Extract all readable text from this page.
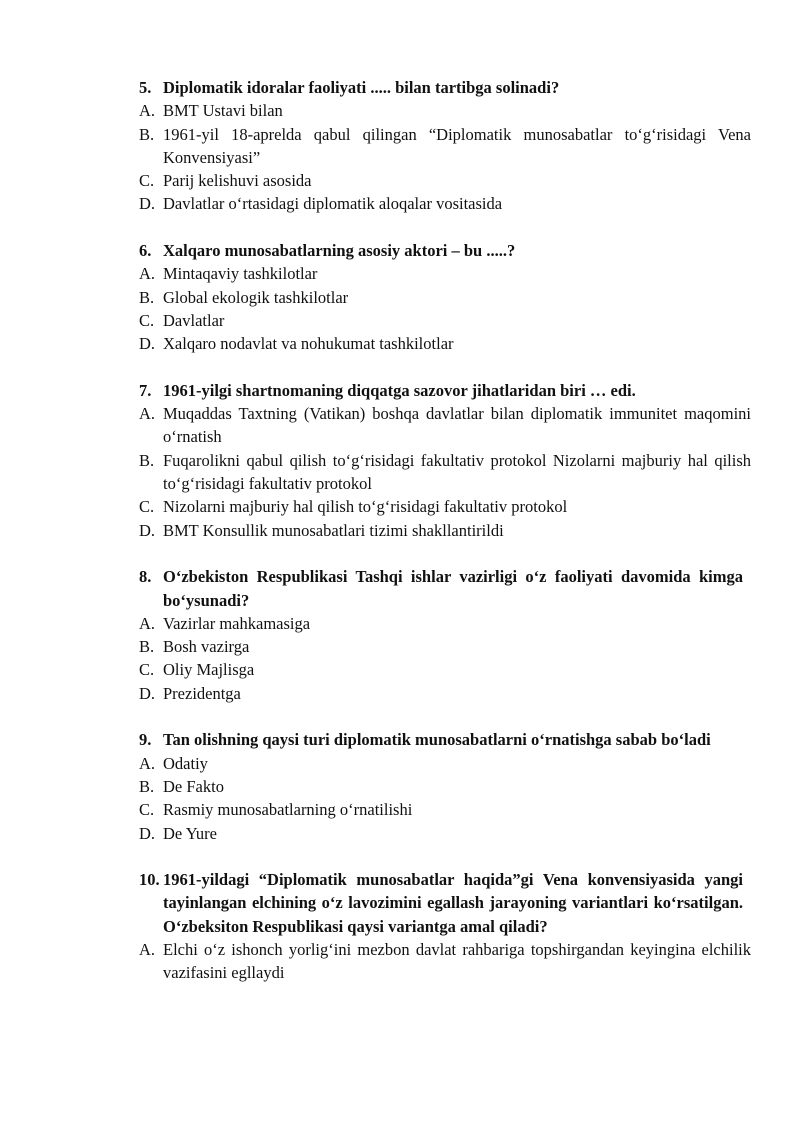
5. Diplomatik idoralar faoliyati ..... bilan tartibga solinadi?
A. BMT Ustavi bilan
B. 1961-yil 18-aprelda qabul qilingan “Diplomatik munosabatlar to‘g‘risidagi Vena Konvensiyasi”
C. Parij kelishuvi asosida
D. Davlatlar o‘rtasidagi diplomatik aloqalar vositasida
6. Xalqaro munosabatlarning asosiy aktori – bu .....?
A. Mintaqaviy tashkilotlar
B. Global ekologik tashkilotlar
C. Davlatlar
D. Xalqaro nodavlat va nohukumat tashkilotlar
7. 1961-yilgi shartnomaning diqqatga sazovor jihatlaridan biri … edi.
A. Muqaddas Taxtning (Vatikan) boshqa davlatlar bilan diplomatik immunitet maqomini o‘rnatish
B. Fuqarolikni qabul qilish to‘g‘risidagi fakultativ protokol Nizolarni majburiy hal qilish to‘g‘risidagi fakultativ protokol
C. Nizolarni majburiy hal qilish to‘g‘risidagi fakultativ protokol
D. BMT Konsullik munosabatlari tizimi shakllantirildi
8. O‘zbekiston Respublikasi Tashqi ishlar vazirligi o‘z faoliyati davomida kimga bo‘ysunadi?
A. Vazirlar mahkamasiga
B. Bosh vazirga
C. Oliy Majlisga
D. Prezidentga
9. Tan olishning qaysi turi diplomatik munosabatlarni o‘rnatishga sabab bo‘ladi
A. Odatiy
B. De Fakto
C. Rasmiy munosabatlarning o‘rnatilishi
D. De Yure
10. 1961-yildagi “Diplomatik munosabatlar haqida”gi Vena konvensiyasida yangi tayinlangan elchining o‘z lavozimini egallash jarayoning variantlari ko‘rsatilgan. O‘zbeksiton Respublikasi qaysi variantga amal qiladi?
A. Elchi o‘z ishonch yorlig‘ini mezbon davlat rahbariga topshirgandan keyingina elchilik vazifasini egllaydi
